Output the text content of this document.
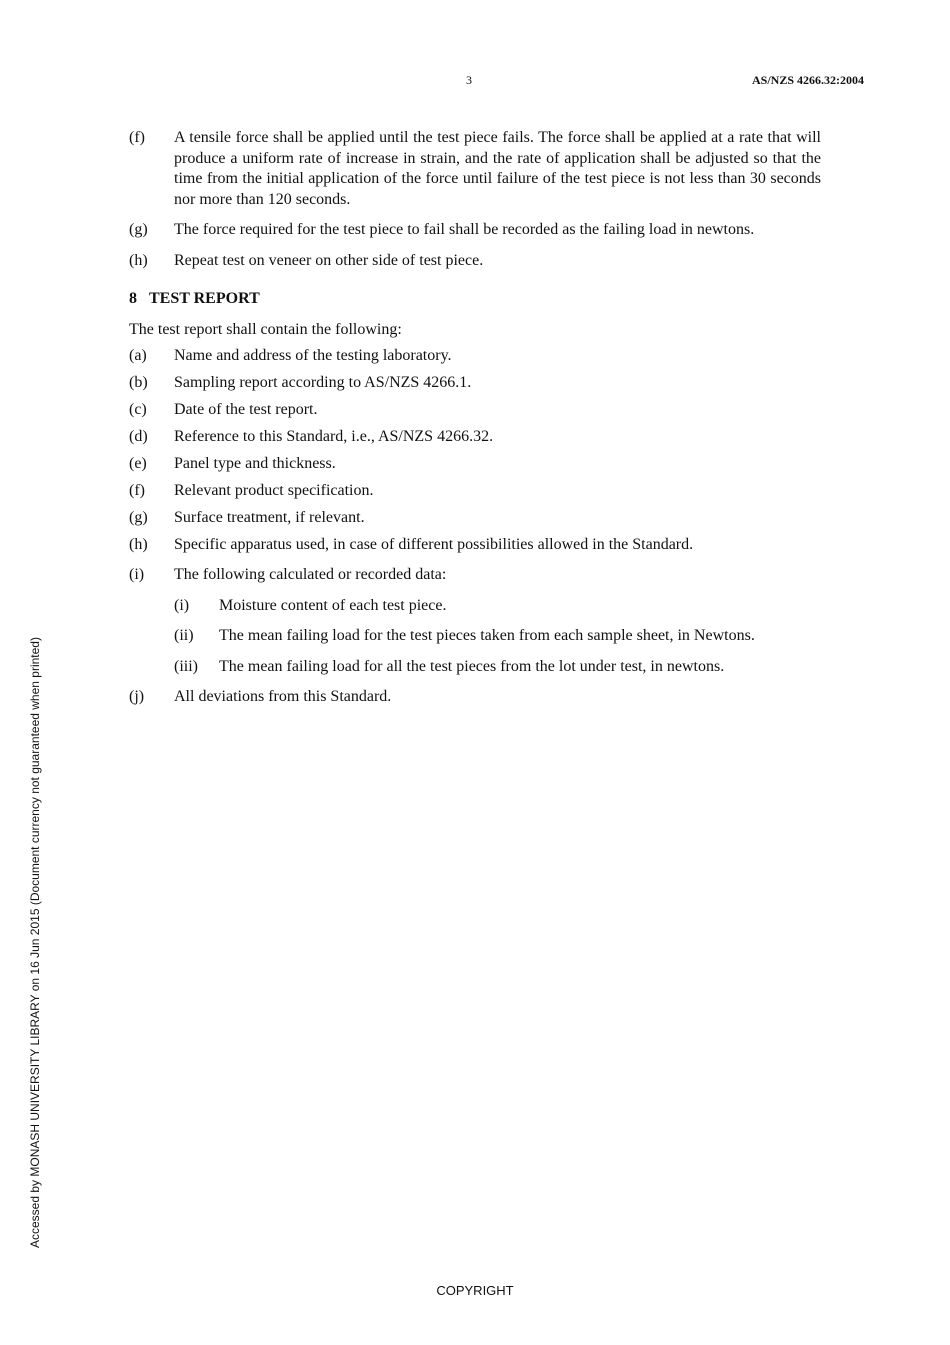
3	AS/NZS 4266.32:2004
(f)	A tensile force shall be applied until the test piece fails. The force shall be applied at a rate that will produce a uniform rate of increase in strain, and the rate of application shall be adjusted so that the time from the initial application of the force until failure of the test piece is not less than 30 seconds nor more than 120 seconds.
(g)	The force required for the test piece to fail shall be recorded as the failing load in newtons.
(h)	Repeat test on veneer on other side of test piece.
8 TEST REPORT
The test report shall contain the following:
(a)	Name and address of the testing laboratory.
(b)	Sampling report according to AS/NZS 4266.1.
(c)	Date of the test report.
(d)	Reference to this Standard, i.e., AS/NZS 4266.32.
(e)	Panel type and thickness.
(f)	Relevant product specification.
(g)	Surface treatment, if relevant.
(h)	Specific apparatus used, in case of different possibilities allowed in the Standard.
(i)	The following calculated or recorded data:
(i)	Moisture content of each test piece.
(ii)	The mean failing load for the test pieces taken from each sample sheet, in Newtons.
(iii)	The mean failing load for all the test pieces from the lot under test, in newtons.
(j)	All deviations from this Standard.
Accessed by MONASH UNIVERSITY LIBRARY on 16 Jun 2015 (Document currency not guaranteed when printed)
COPYRIGHT
